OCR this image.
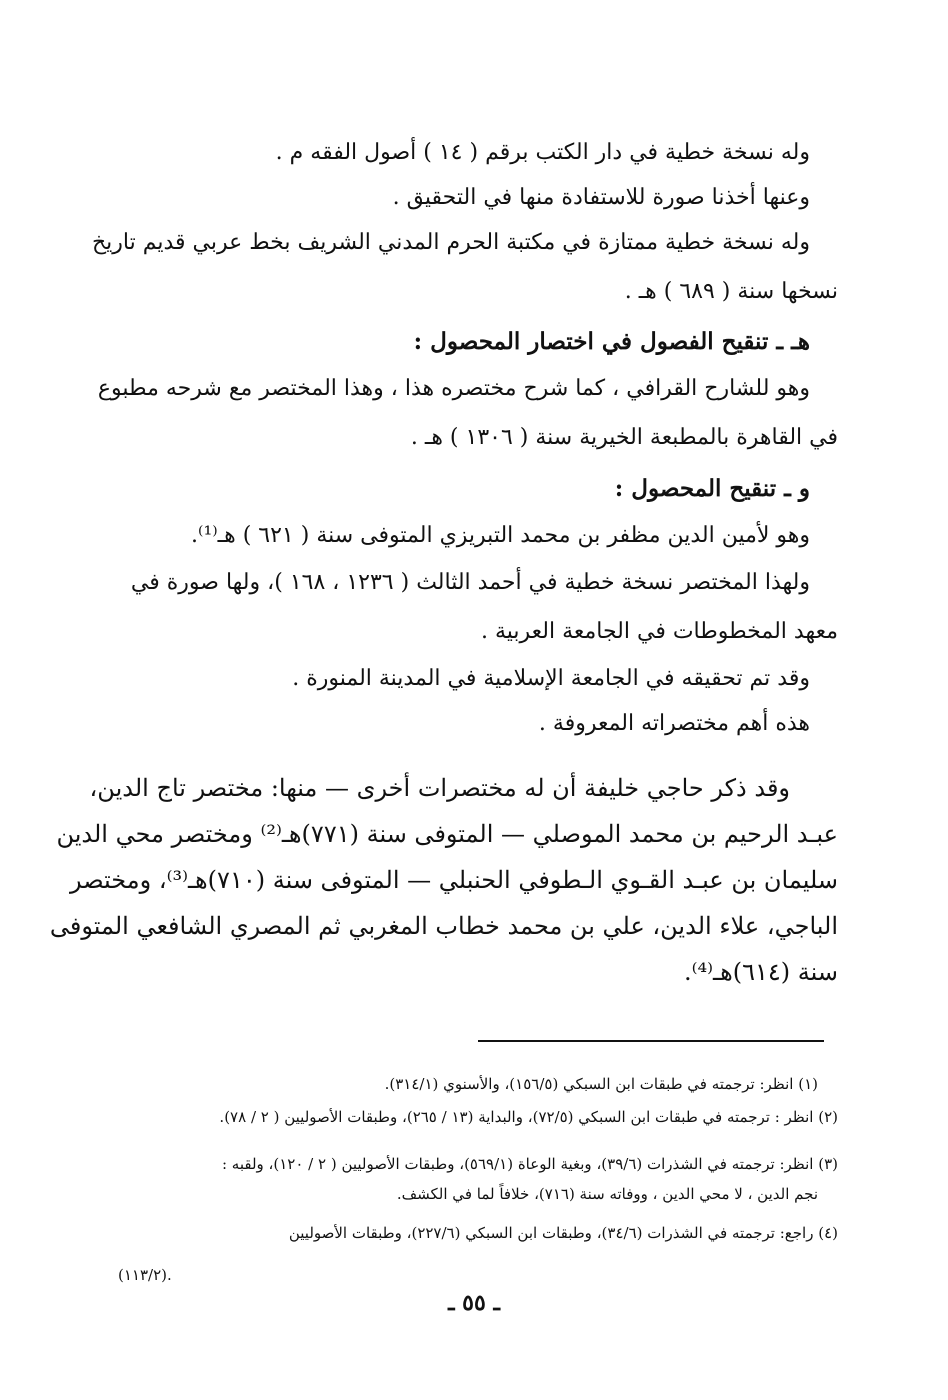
وله نسخة خطية في دار الكتب برقم ( ١٤ ) أصول الفقه م .
وعنها أخذنا صورة للاستفادة منها في التحقيق .
وله نسخة خطية ممتازة في مكتبة الحرم المدني الشريف بخط عربي قديم تاريخ
نسخها سنة ( ٦٨٩ ) هـ .
هـ ـ تنقيح الفصول في اختصار المحصول :
وهو للشارح القرافي ، كما شرح مختصره هذا ، وهذا المختصر مع شرحه مطبوع
في القاهرة بالمطبعة الخيرية سنة ( ١٣٠٦ ) هـ .
و ـ تنقيح المحصول :
وهو لأمين الدين مظفر بن محمد التبريزي المتوفى سنة ( ٦٢١ ) هـ⁽¹⁾.
ولهذا المختصر نسخة خطية في أحمد الثالث ( ١٢٣٦ ، ١٦٨ )، ولها صورة في
معهد المخطوطات في الجامعة العربية .
وقد تم تحقيقه في الجامعة الإسلامية في المدينة المنورة .
هذه أهم مختصراته المعروفة .
وقد ذكر حاجي خليفة أن له مختصرات أخرى — منها: مختصر تاج الدين،
عبـد الرحيم بن محمد الموصلي — المتوفى سنة (٧٧١)هـ⁽²⁾ ومختصر محي الدين
سليمان بن عبـد القـوي الـطوفي الحنبلي — المتوفى سنة (٧١٠)هـ⁽³⁾، ومختصر
الباجي، علاء الدين، علي بن محمد خطاب المغربي ثم المصري الشافعي المتوفى
سنة (٦١٤)هـ⁽⁴⁾.
(١) انظر: ترجمته في طبقات ابن السبكي (١٥٦/٥)، والأسنوي (٣١٤/١).
(٢) انظر : ترجمته في طبقات ابن السبكي (٧٢/٥)، والبداية (١٣ / ٢٦٥)، وطبقات الأصوليين ( ٢ / ٧٨).
(٣) انظر: ترجمته في الشذرات (٣٩/٦)، وبغية الوعاة (٥٦٩/١)، وطبقات الأصوليين ( ٢ / ١٢٠)، ولقبه :
نجم الدين ، لا محي الدين ، ووفاته سنة (٧١٦)، خلافاً لما في الكشف.
(٤) راجع: ترجمته في الشذرات (٣٤/٦)، وطبقات ابن السبكي (٢٢٧/٦)، وطبقات الأصوليين
(١١٣/٢).
ـ ٥٥ ـ
